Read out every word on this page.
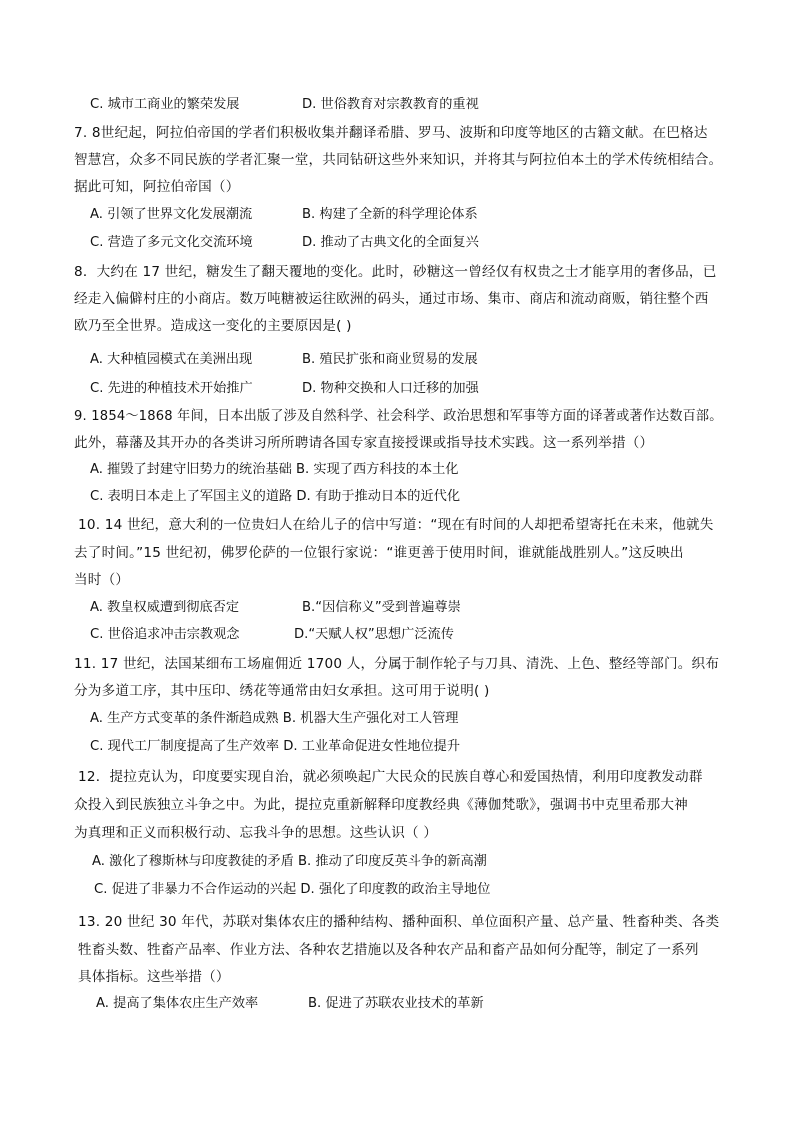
C. 城市工商业的繁荣发展	D. 世俗教育对宗教教育的重视
7. 8世纪起，阿拉伯帝国的学者们积极收集并翻译希腊、罗马、波斯和印度等地区的古籍文献。在巴格达
智慧宫，众多不同民族的学者汇聚一堂，共同钻研这些外来知识，并将其与阿拉伯本土的学术传统相结合。
据此可知，阿拉伯帝国（）
A. 引领了世界文化发展潮流	B. 构建了全新的科学理论体系
C. 营造了多元文化交流环境	D. 推动了古典文化的全面复兴
8．大约在 17 世纪，糖发生了翻天覆地的变化。此时，砂糖这一曾经仅有权贵之士才能享用的奢侈品，已
经走入偏僻村庄的小商店。数万吨糖被运往欧洲的码头，通过市场、集市、商店和流动商贩，销往整个西
欧乃至全世界。造成这一变化的主要原因是( )
A. 大种植园模式在美洲出现	B. 殖民扩张和商业贸易的发展
C. 先进的种植技术开始推广	D. 物种交换和人口迁移的加强
9. 1854～1868 年间，日本出版了涉及自然科学、社会科学、政治思想和军事等方面的译著或著作达数百部。
此外，幕藩及其开办的各类讲习所所聘请各国专家直接授课或指导技术实践。这一系列举措（）
A. 摧毁了封建守旧势力的统治基础 B. 实现了西方科技的本土化
C. 表明日本走上了军国主义的道路 D. 有助于推动日本的近代化
10. 14 世纪，意大利的一位贵妇人在给儿子的信中写道：“现在有时间的人却把希望寄托在未来，他就失
去了时间。”15 世纪初，佛罗伦萨的一位银行家说：“谁更善于使用时间，谁就能战胜别人。”这反映出
当时（）
A. 教皇权威遭到彻底否定	B.“因信称义”受到普遍尊崇
C. 世俗追求冲击宗教观念	D.“天赋人权”思想广泛流传
11. 17 世纪，法国某细布工场雇佣近 1700 人，分属于制作轮子与刀具、清洗、上色、整经等部门。织布
分为多道工序，其中压印、绣花等通常由妇女承担。这可用于说明( )
A. 生产方式变革的条件渐趋成熟 B. 机器大生产强化对工人管理
C. 现代工厂制度提高了生产效率 D. 工业革命促进女性地位提升
12．提拉克认为，印度要实现自治，就必须唤起广大民众的民族自尊心和爱国热情，利用印度教发动群
众投入到民族独立斗争之中。为此，提拉克重新解释印度教经典《薄伽梵歌》，强调书中克里希那大神
为真理和正义而积极行动、忘我斗争的思想。这些认识（ ）
A. 激化了穆斯林与印度教徒的矛盾 B. 推动了印度反英斗争的新高潮
C. 促进了非暴力不合作运动的兴起 D. 强化了印度教的政治主导地位
13. 20 世纪 30 年代，苏联对集体农庄的播种结构、播种面积、单位面积产量、总产量、牲畜种类、各类
牲畜头数、牲畜产品率、作业方法、各种农艺措施以及各种农产品和畜产品如何分配等，制定了一系列
具体指标。这些举措（）
A. 提高了集体农庄生产效率	B. 促进了苏联农业技术的革新
